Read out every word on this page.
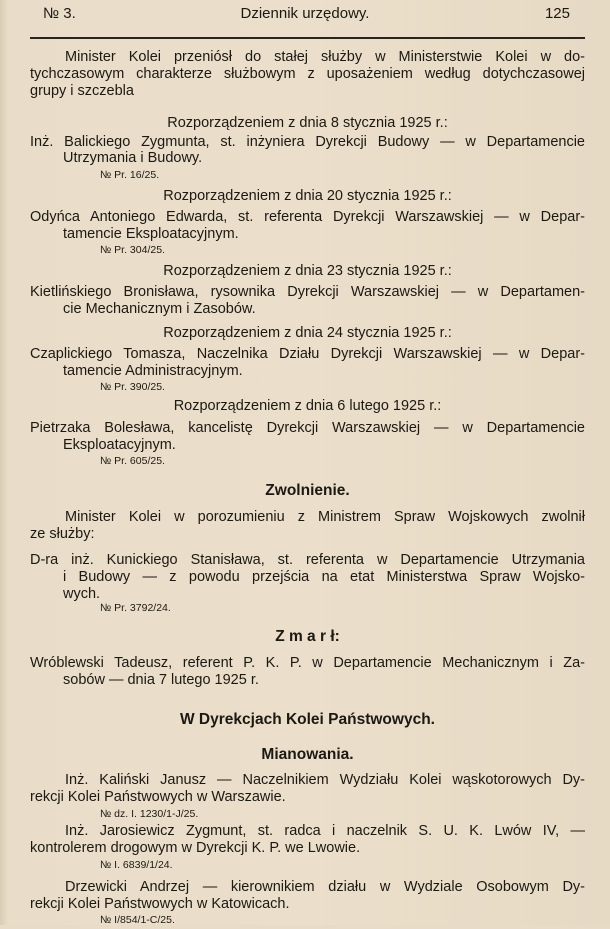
№ 3.	Dziennik urzędowy.	125
Minister Kolei przeniósł do stałej służby w Ministerstwie Kolei w do-
tychczasowym charakterze służbowym z uposażeniem według dotychczasowej
grupy i szczebla
Rozporządzeniem z dnia 8 stycznia 1925 r.:
Inż. Balickiego Zygmunta, st. inżyniera Dyrekcji Budowy — w Departamencie
Utrzymania i Budowy.
№ Pr. 16/25.
Rozporządzeniem z dnia 20 stycznia 1925 r.:
Odyńca Antoniego Edwarda, st. referenta Dyrekcji Warszawskiej — w Depar-
tamencie Eksploatacyjnym.
№ Pr. 304/25.
Rozporządzeniem z dnia 23 stycznia 1925 r.:
Kietlińskiego Bronisława, rysownika Dyrekcji Warszawskiej — w Departamen-
cie Mechanicznym i Zasobów.
Rozporządzeniem z dnia 24 stycznia 1925 r.:
Czaplickiego Tomasza, Naczelnika Działu Dyrekcji Warszawskiej — w Depar-
tamencie Administracyjnym.
№ Pr. 390/25.
Rozporządzeniem z dnia 6 lutego 1925 r.:
Pietrzaka Bolesława, kancelistę Dyrekcji Warszawskiej — w Departamencie
Eksploatacyjnym.
№ Pr. 605/25.
Zwolnienie.
Minister Kolei w porozumieniu z Ministrem Spraw Wojskowych zwolnił
ze służby:
D-ra inż. Kunickiego Stanisława, st. referenta w Departamencie Utrzymania
i Budowy — z powodu przejścia na etat Ministerstwa Spraw Wojsko-
wych.
№ Pr. 3792/24.
Z m a r ł:
Wróblewski Tadeusz, referent P. K. P. w Departamencie Mechanicznym i Za-
sobów — dnia 7 lutego 1925 r.
W Dyrekcjach Kolei Państwowych.
Mianowania.
Inż. Kaliński Janusz — Naczelnikiem Wydziału Kolei wąskotorowych Dy-
rekcji Kolei Państwowych w Warszawie.
№ dz. I. 1230/1-J/25.
Inż. Jarosiewicz Zygmunt, st. radca i naczelnik S. U. K. Lwów IV, —
kontrolerem drogowym w Dyrekcji K. P. we Lwowie.
№ I. 6839/1/24.
Drzewicki Andrzej — kierownikiem działu w Wydziale Osobowym Dy-
rekcji Kolei Państwowych w Katowicach.
№ I/854/1-C/25.
